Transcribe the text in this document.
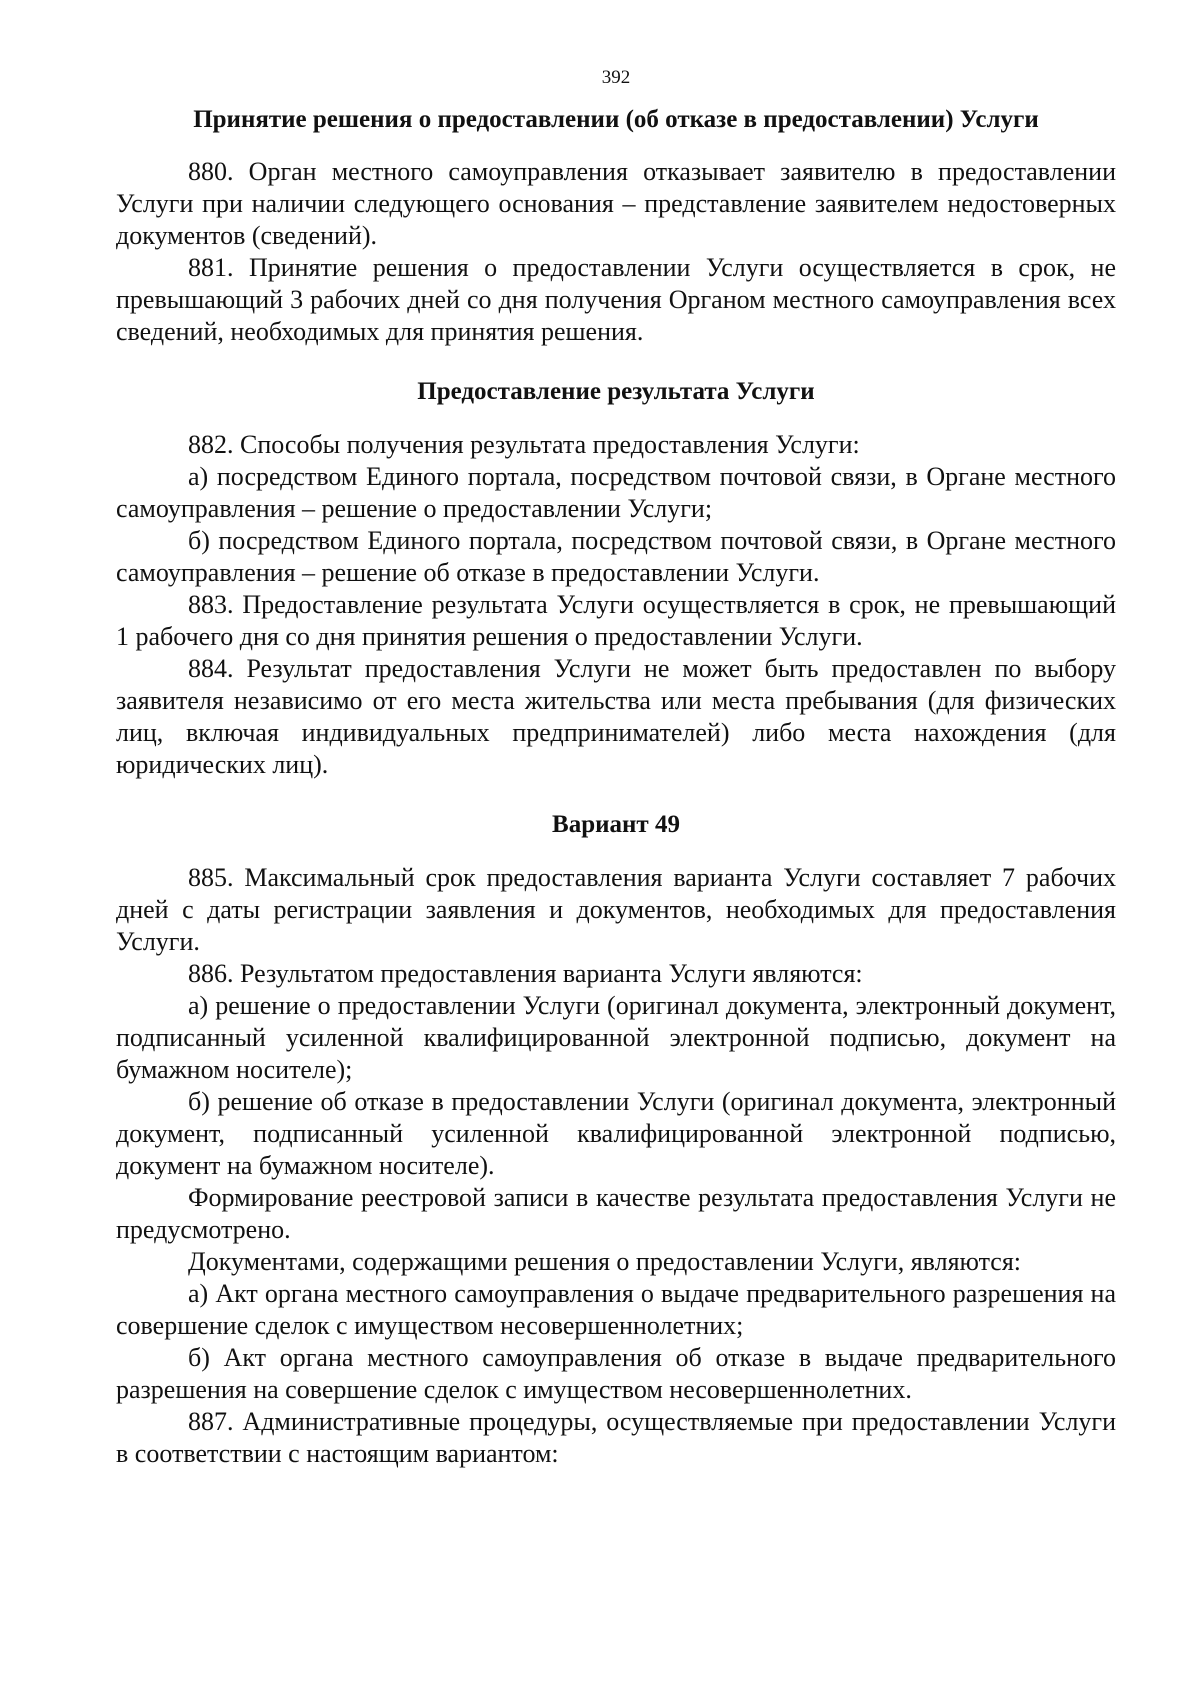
392
Принятие решения о предоставлении (об отказе в предоставлении) Услуги

880. Орган местного самоуправления отказывает заявителю в предоставлении Услуги при наличии следующего основания – представление заявителем недостоверных документов (сведений).

881. Принятие решения о предоставлении Услуги осуществляется в срок, не превышающий 3 рабочих дней со дня получения Органом местного самоуправления всех сведений, необходимых для принятия решения.

Предоставление результата Услуги

882. Способы получения результата предоставления Услуги:

а) посредством Единого портала, посредством почтовой связи, в Органе местного самоуправления – решение о предоставлении Услуги;

б) посредством Единого портала, посредством почтовой связи, в Органе местного самоуправления – решение об отказе в предоставлении Услуги.

883. Предоставление результата Услуги осуществляется в срок, не превышающий 1 рабочего дня со дня принятия решения о предоставлении Услуги.

884. Результат предоставления Услуги не может быть предоставлен по выбору заявителя независимо от его места жительства или места пребывания (для физических лиц, включая индивидуальных предпринимателей) либо места нахождения (для юридических лиц).

Вариант 49

885. Максимальный срок предоставления варианта Услуги составляет 7 рабочих дней с даты регистрации заявления и документов, необходимых для предоставления Услуги.

886. Результатом предоставления варианта Услуги являются:

а) решение о предоставлении Услуги (оригинал документа, электронный документ, подписанный усиленной квалифицированной электронной подписью, документ на бумажном носителе);

б) решение об отказе в предоставлении Услуги (оригинал документа, электронный документ, подписанный усиленной квалифицированной электронной подписью, документ на бумажном носителе).

Формирование реестровой записи в качестве результата предоставления Услуги не предусмотрено.

Документами, содержащими решения о предоставлении Услуги, являются:

а) Акт органа местного самоуправления о выдаче предварительного разрешения на совершение сделок с имуществом несовершеннолетних;

б) Акт органа местного самоуправления об отказе в выдаче предварительного разрешения на совершение сделок с имуществом несовершеннолетних.

887. Административные процедуры, осуществляемые при предоставлении Услуги в соответствии с настоящим вариантом:
